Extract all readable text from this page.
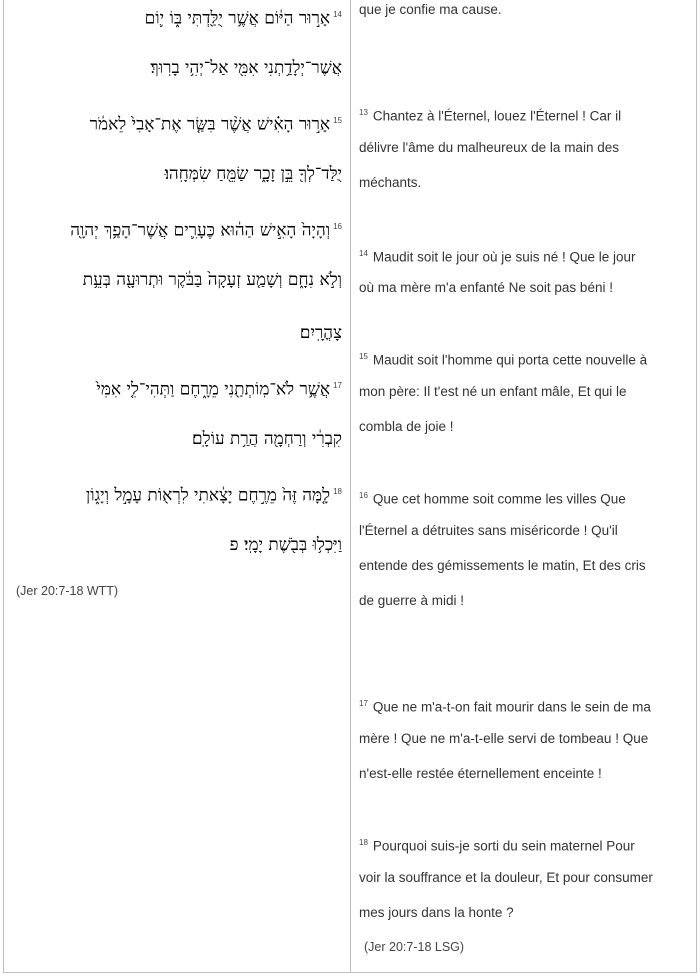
$^{14}$אָר֣וּר הַיּ֔וֹם אֲשֶׁ֥ר יֻלַּ֖דְתִּי בּ֑וֹ י֛וֹם
אֲשֶׁר־יְלָדַ֥תְנִי אִמִּ֖י אַל־יְהִ֥י בָרֽוּךְ׃
$^{15}$אָר֣וּר הָאִ֗ישׁ אֲשֶׁ֨ר בִּשַּׂ֤ר אֶת־אָבִי֙ לֵאמֹ֔ר
יֻלַּד־לְךָ֖ בֵּ֣ן זָכָ֑ר שַׂמֵּ֖חַ שִׂמְּחָֽהוּ׃
$^{16}$וְהָיָה֙ הָאִ֣ישׁ הַה֔וּא כֶּעָרִ֛ים אֲשֶׁר־הָפַ֥ךְ יְהוָ֖ה
וְלֹ֣א נִחָ֑ם וְשָׁמַ֤ע זְעָקָה֙ בַּבֹּ֔קֶר וּתְרוּעָ֖ה בְּעֵ֥ת
צָהֳרָֽיִם׃
$^{17}$אֲשֶׁ֥ר לֹא־מֽוֹתְתַ֖נִי מֵרָ֑חֶם וַתְּהִי־לִ֤י אִמִּי֙
קִבְרִ֔י וְרַחְמָ֖ה הֲרַ֥ת עוֹלָֽם׃
$^{18}$לָ֤מָּה זֶּה֙ מֵרֶ֣חֶם יָצָ֔אתִי לִרְא֖וֹת עָמָ֣ל וְיָג֑וֹן
וַיִּכְל֥וּ בְּבֹ֖שֶׁת יָמָֽי׃ פ
(Jer 20:7-18 WTT)
que je confie ma cause.
$^{13}$ Chantez à l'Éternel, louez l'Éternel ! Car il
délivre l'âme du malheureux de la main des
méchants.
$^{14}$ Maudit soit le jour où je suis né ! Que le jour
où ma mère m'a enfanté Ne soit pas béni !
$^{15}$ Maudit soit l'homme qui porta cette nouvelle à
mon père: Il t'est né un enfant mâle, Et qui le
combla de joie !
$^{16}$ Que cet homme soit comme les villes Que
l'Éternel a détruites sans miséricorde ! Qu'il
entende des gémissements le matin, Et des cris
de guerre à midi !
$^{17}$ Que ne m'a-t-on fait mourir dans le sein de ma
mère ! Que ne m'a-t-elle servi de tombeau ! Que
n'est-elle restée éternellement enceinte !
$^{18}$ Pourquoi suis-je sorti du sein maternel Pour
voir la souffrance et la douleur, Et pour consumer
mes jours dans la honte ?
(Jer 20:7-18 LSG)
